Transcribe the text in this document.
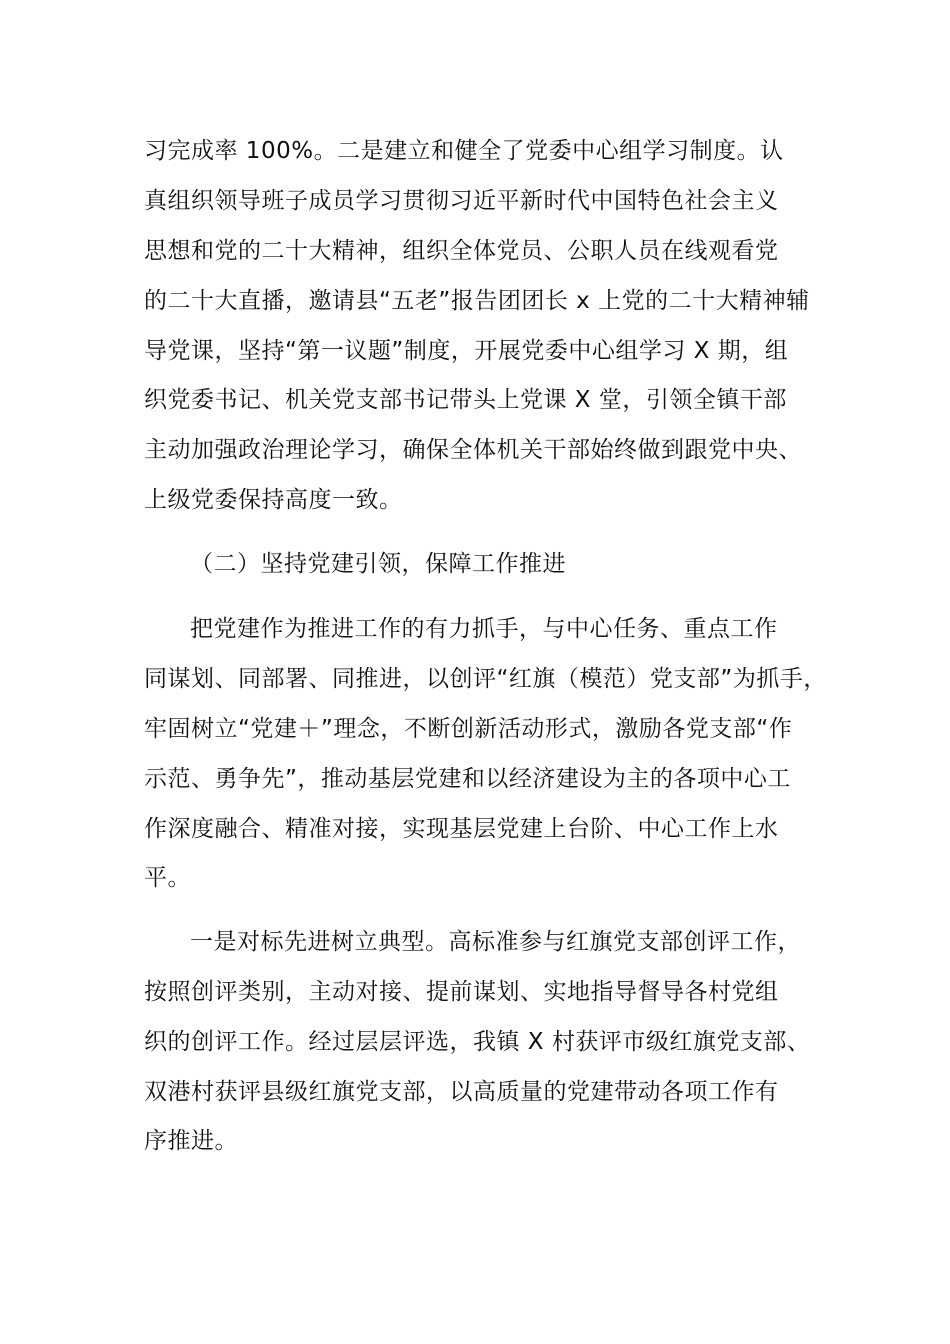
习完成率 100%。二是建立和健全了党委中心组学习制度。认
真组织领导班子成员学习贯彻习近平新时代中国特色社会主义
思想和党的二十大精神，组织全体党员、公职人员在线观看党
的二十大直播，邀请县“五老”报告团团长 x 上党的二十大精神辅
导党课，坚持“第一议题”制度，开展党委中心组学习 X 期，组
织党委书记、机关党支部书记带头上党课 X 堂，引领全镇干部
主动加强政治理论学习，确保全体机关干部始终做到跟党中央、
上级党委保持高度一致。
（二）坚持党建引领，保障工作推进
把党建作为推进工作的有力抓手，与中心任务、重点工作
同谋划、同部署、同推进，以创评“红旗（模范）党支部”为抓手，
牢固树立“党建＋”理念，不断创新活动形式，激励各党支部“作
示范、勇争先”，推动基层党建和以经济建设为主的各项中心工
作深度融合、精准对接，实现基层党建上台阶、中心工作上水
平。
一是对标先进树立典型。高标准参与红旗党支部创评工作，
按照创评类别，主动对接、提前谋划、实地指导督导各村党组
织的创评工作。经过层层评选，我镇 X 村获评市级红旗党支部、
双港村获评县级红旗党支部，以高质量的党建带动各项工作有
序推进。
